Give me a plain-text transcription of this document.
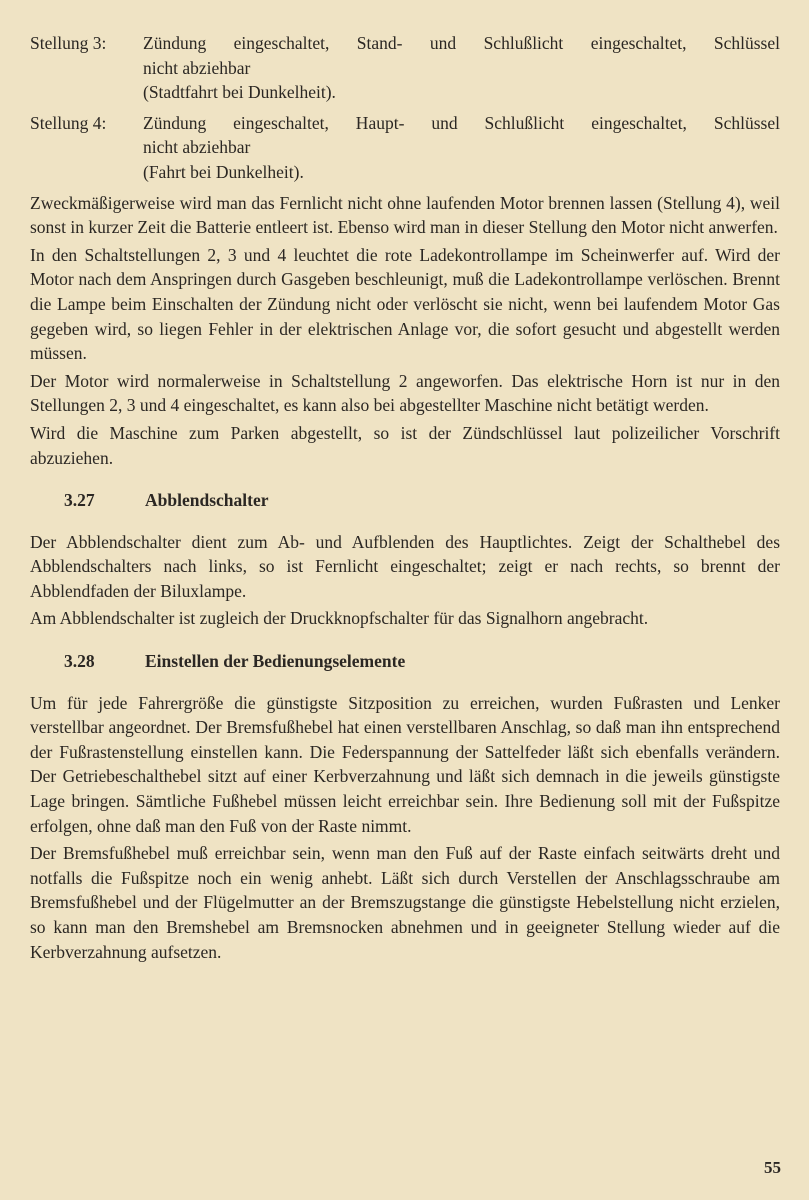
Stellung 3:	Zündung eingeschaltet, Stand- und Schlußlicht eingeschaltet, Schlüssel
nicht abziehbar
(Stadtfahrt bei Dunkelheit).
Stellung 4:	Zündung eingeschaltet, Haupt- und Schlußlicht eingeschaltet, Schlüssel
nicht abziehbar
(Fahrt bei Dunkelheit).

Zweckmäßigerweise wird man das Fernlicht nicht ohne laufenden Motor brennen lassen (Stellung 4), weil sonst in kurzer Zeit die Batterie entleert ist. Ebenso wird man in dieser Stellung den Motor nicht anwerfen.

In den Schaltstellungen 2, 3 und 4 leuchtet die rote Ladekontrollampe im Scheinwerfer auf. Wird der Motor nach dem Anspringen durch Gasgeben beschleunigt, muß die Ladekontrollampe verlöschen. Brennt die Lampe beim Einschalten der Zündung nicht oder verlöscht sie nicht, wenn bei laufendem Motor Gas gegeben wird, so liegen Fehler in der elektrischen Anlage vor, die sofort gesucht und abgestellt werden müssen.

Der Motor wird normalerweise in Schaltstellung 2 angeworfen. Das elektrische Horn ist nur in den Stellungen 2, 3 und 4 eingeschaltet, es kann also bei abgestellter Maschine nicht betätigt werden.

Wird die Maschine zum Parken abgestellt, so ist der Zündschlüssel laut polizeilicher Vorschrift abzuziehen.

3.27	Abblendschalter

Der Abblendschalter dient zum Ab- und Aufblenden des Hauptlichtes. Zeigt der Schalthebel des Abblendschalters nach links, so ist Fernlicht eingeschaltet; zeigt er nach rechts, so brennt der Abblendfaden der Biluxlampe.

Am Abblendschalter ist zugleich der Druckknopfschalter für das Signalhorn angebracht.

3.28	Einstellen der Bedienungselemente

Um für jede Fahrergröße die günstigste Sitzposition zu erreichen, wurden Fußrasten und Lenker verstellbar angeordnet. Der Bremsfußhebel hat einen verstellbaren Anschlag, so daß man ihn entsprechend der Fußrastenstellung einstellen kann. Die Federspannung der Sattelfeder läßt sich ebenfalls verändern. Der Getriebeschalthebel sitzt auf einer Kerbverzahnung und läßt sich demnach in die jeweils günstigste Lage bringen. Sämtliche Fußhebel müssen leicht erreichbar sein. Ihre Bedienung soll mit der Fußspitze erfolgen, ohne daß man den Fuß von der Raste nimmt.

Der Bremsfußhebel muß erreichbar sein, wenn man den Fuß auf der Raste einfach seitwärts dreht und notfalls die Fußspitze noch ein wenig anhebt. Läßt sich durch Verstellen der Anschlagsschraube am Bremsfußhebel und der Flügelmutter an der Bremszugstange die günstigste Hebelstellung nicht erzielen, so kann man den Bremshebel am Bremsnocken abnehmen und in geeigneter Stellung wieder auf die Kerbverzahnung aufsetzen.

55
